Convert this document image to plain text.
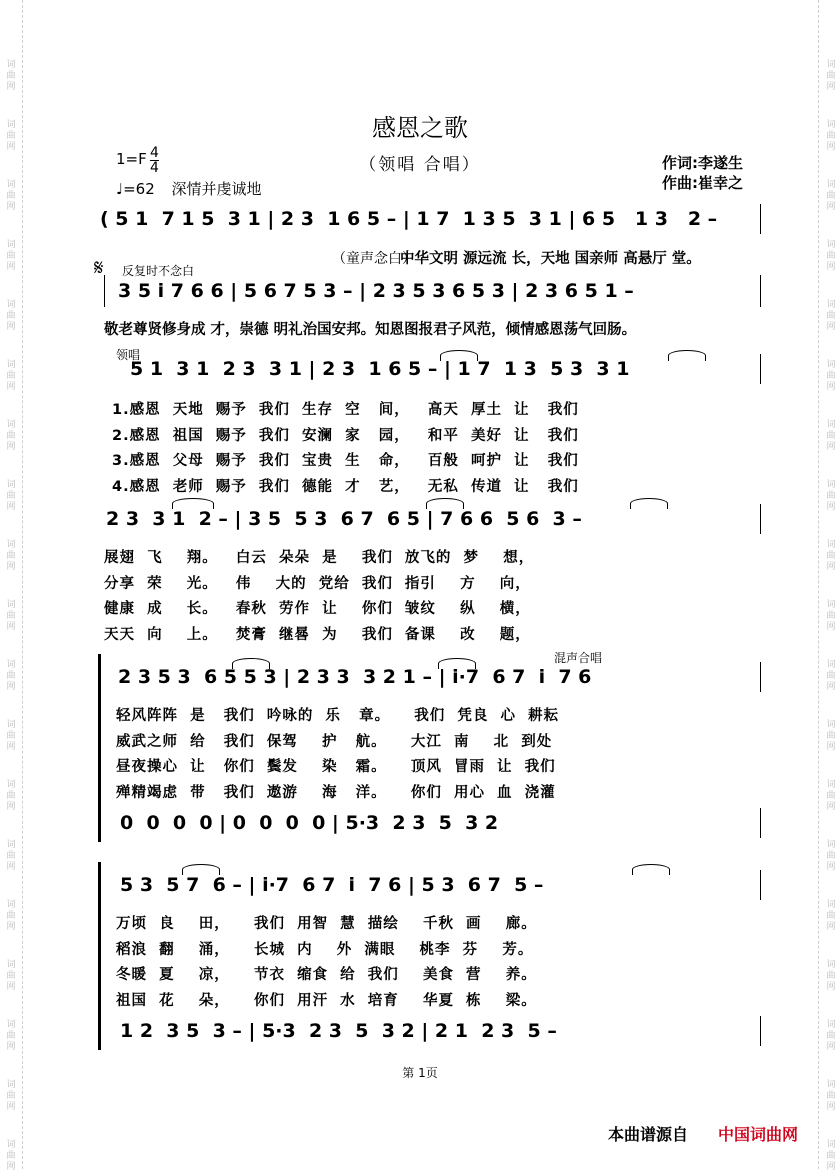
词
曲
网
词
曲
网
词
曲
网
词
曲
网
词
曲
网
词
曲
网
词
曲
网
词
曲
网
词
曲
网
词
曲
网
词
曲
网
词
曲
网
词
曲
网
词
曲
网
词
曲
网
词
曲
网
词
曲
网
词
曲
网
词
曲
网
词
曲
网
词
曲
网
词
曲
网
词
曲
网
词
曲
网
词
曲
网
词
曲
网
词
曲
网
词
曲
网
词
曲
网
词
曲
网
词
曲
网
词
曲
网
词
曲
网
词
曲
网
词
曲
网
词
曲
网
词
曲
网
词
曲
网
感恩之歌
（领唱 合唱）	作词:李遂生
作曲:崔幸之
1=F 4
4
♩=62 深情并虔诚地
( 5 1  7 1 5  3 1 | 2 3  1 6 5 – | 1 7  1 3 5  3 1 | 6 5   1 3   2 –
（童声念白）
中华文明 源远流 长，天地 国亲师 高悬厅 堂。
𝄋 反复时不念白
3 5 i 7 6 6 | 5 6 7 5 3 – | 2 3 5 3 6 5 3 | 2 3 6 5 1 –
敬老尊贤修身成 才，崇德 明礼治国安邦。知恩图报君子风范，倾情感恩荡气回肠。
领唱
5 1  3 1  2 3  3 1 | 2 3  1 6 5 – | 1 7  1 3  5 3  3 1
1.感恩  天地  赐予  我们  生存  空   间，   高天  厚土  让   我们
2.感恩  祖国  赐予  我们  安澜  家   园，   和平  美好  让   我们
3.感恩  父母  赐予  我们  宝贵  生   命，   百般  呵护  让   我们
4.感恩  老师  赐予  我们  德能  才   艺，   无私  传道  让   我们
2 3  3 1  2 – | 3 5  5 3  6 7  6 5 | 7 6 6  5 6  3 –
展翅  飞    翔。   白云  朵朵  是    我们  放飞的  梦    想，
分享  荣    光。   伟    大的  党给  我们  指引    方    向，
健康  成    长。   春秋  劳作  让    你们  皱纹    纵    横，
天天  向    上。   焚膏  继晷  为    我们  备课    改    题，
混声合唱
2 3 5 3  6 5 5 3 | 2 3 3  3 2 1 – | i·7  6 7  i  7 6
轻风阵阵  是   我们  吟咏的  乐   章。    我们  凭良  心  耕耘
威武之师  给   我们  保驾    护   航。    大江  南    北  到处
昼夜操心  让   你们  鬓发    染   霜。    顶风  冒雨  让  我们
殚精竭虑  带   我们  遨游    海   洋。    你们  用心  血  浇灌
0  0  0  0 | 0  0  0  0 | 5·3  2 3  5  3 2
5 3  5 7  6 – | i·7  6 7  i  7 6 | 5 3  6 7  5 –
万顷  良    田，    我们  用智  慧  描绘    千秋  画    廊。
稻浪  翻    涌，    长城  内    外  满眼    桃李  芬    芳。
冬暖  夏    凉，    节衣  缩食  给  我们    美食  营    养。
祖国  花    朵，    你们  用汗  水  培育    华夏  栋    梁。
1 2  3 5  3 – | 5·3  2 3  5  3 2 | 2 1  2 3  5 –
第 1页
本曲谱源自 中国词曲网
